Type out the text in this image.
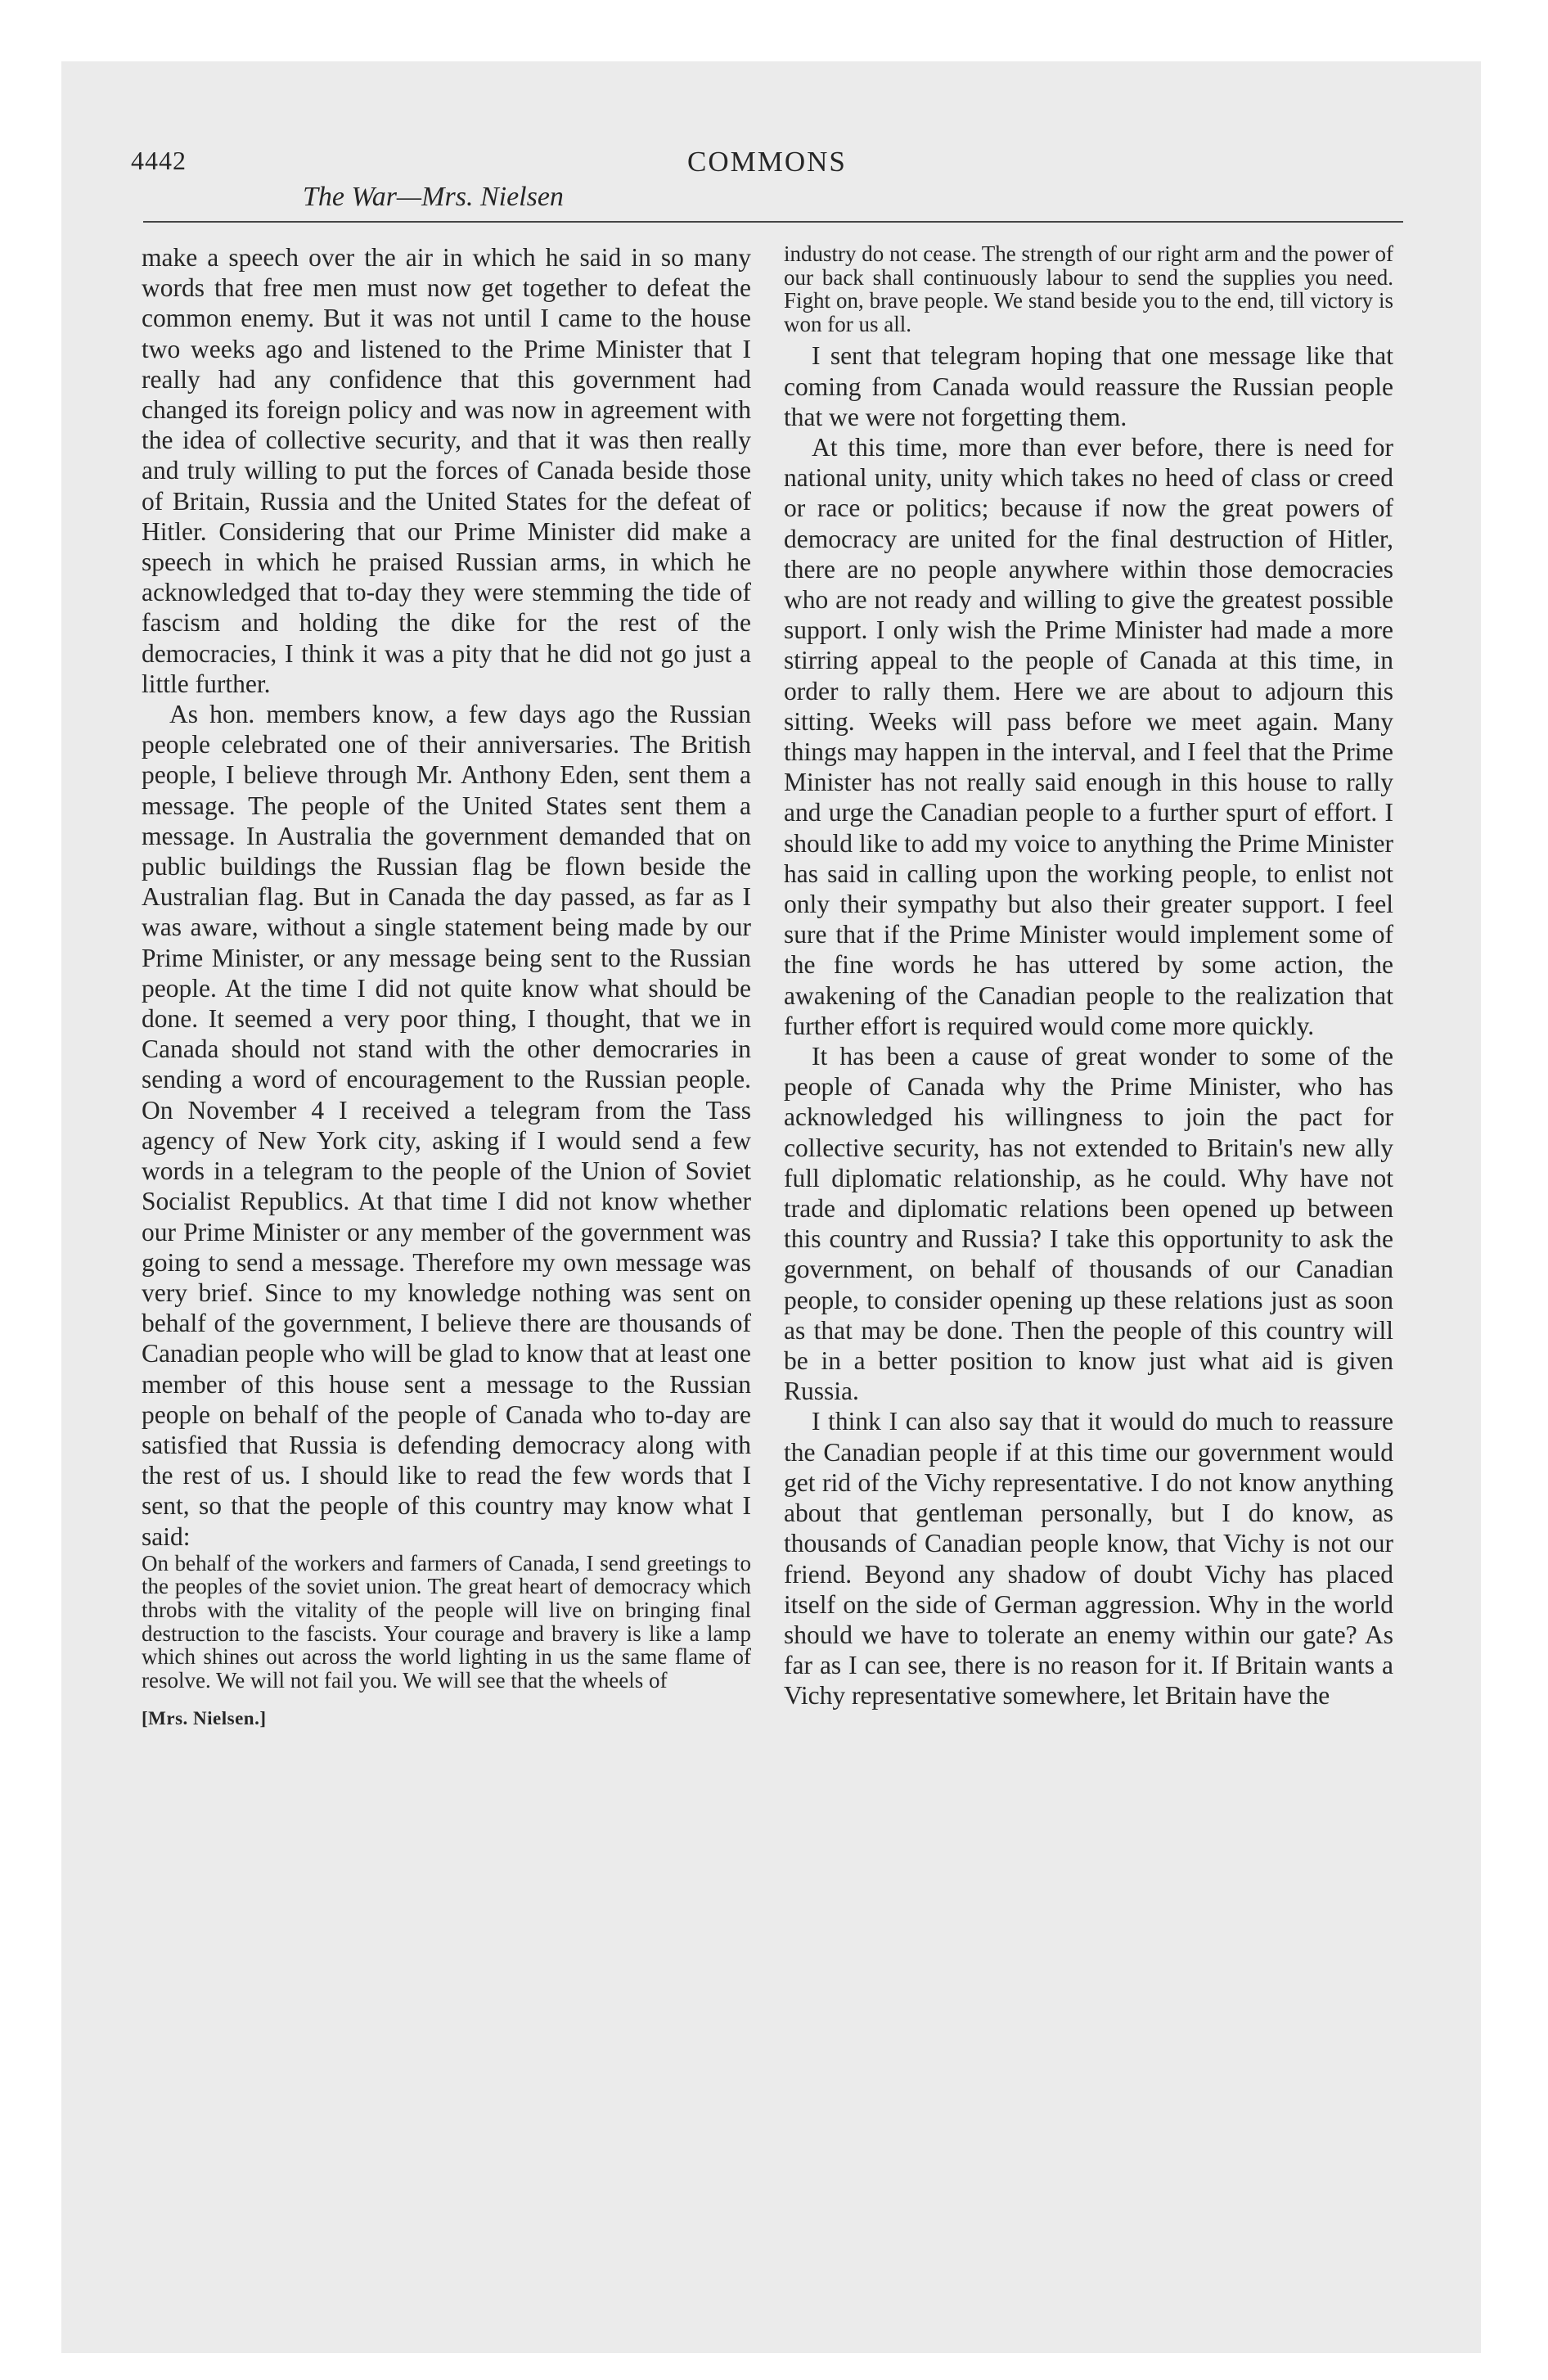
4442
The War—Mrs. Nielsen
COMMONS

make a speech over the air in which he said in so many words that free men must now get together to defeat the common enemy. But it was not until I came to the house two weeks ago and listened to the Prime Minister that I really had any confidence that this government had changed its foreign policy and was now in agreement with the idea of collective security, and that it was then really and truly willing to put the forces of Canada beside those of Britain, Russia and the United States for the defeat of Hitler. Considering that our Prime Minister did make a speech in which he praised Russian arms, in which he acknowledged that to-day they were stemming the tide of fascism and holding the dike for the rest of the democracies, I think it was a pity that he did not go just a little further.

As hon. members know, a few days ago the Russian people celebrated one of their anniversaries. The British people, I believe through Mr. Anthony Eden, sent them a message. The people of the United States sent them a message. In Australia the government demanded that on public buildings the Russian flag be flown beside the Australian flag. But in Canada the day passed, as far as I was aware, without a single statement being made by our Prime Minister, or any message being sent to the Russian people. At the time I did not quite know what should be done. It seemed a very poor thing, I thought, that we in Canada should not stand with the other democraries in sending a word of encouragement to the Russian people. On November 4 I received a telegram from the Tass agency of New York city, asking if I would send a few words in a telegram to the people of the Union of Soviet Socialist Republics. At that time I did not know whether our Prime Minister or any member of the government was going to send a message. Therefore my own message was very brief. Since to my knowledge nothing was sent on behalf of the government, I believe there are thousands of Canadian people who will be glad to know that at least one member of this house sent a message to the Russian people on behalf of the people of Canada who to-day are satisfied that Russia is defending democracy along with the rest of us. I should like to read the few words that I sent, so that the people of this country may know what I said:

On behalf of the workers and farmers of Canada, I send greetings to the peoples of the soviet union. The great heart of democracy which throbs with the vitality of the people will live on bringing final destruction to the fascists. Your courage and bravery is like a lamp which shines out across the world lighting in us the same flame of resolve. We will not fail you. We will see that the wheels of

[Mrs. Nielsen.]

industry do not cease. The strength of our right arm and the power of our back shall continuously labour to send the supplies you need. Fight on, brave people. We stand beside you to the end, till victory is won for us all.

I sent that telegram hoping that one message like that coming from Canada would reassure the Russian people that we were not forgetting them.

At this time, more than ever before, there is need for national unity, unity which takes no heed of class or creed or race or politics; because if now the great powers of democracy are united for the final destruction of Hitler, there are no people anywhere within those democracies who are not ready and willing to give the greatest possible support. I only wish the Prime Minister had made a more stirring appeal to the people of Canada at this time, in order to rally them. Here we are about to adjourn this sitting. Weeks will pass before we meet again. Many things may happen in the interval, and I feel that the Prime Minister has not really said enough in this house to rally and urge the Canadian people to a further spurt of effort. I should like to add my voice to anything the Prime Minister has said in calling upon the working people, to enlist not only their sympathy but also their greater support. I feel sure that if the Prime Minister would implement some of the fine words he has uttered by some action, the awakening of the Canadian people to the realization that further effort is required would come more quickly.

It has been a cause of great wonder to some of the people of Canada why the Prime Minister, who has acknowledged his willingness to join the pact for collective security, has not extended to Britain's new ally full diplomatic relationship, as he could. Why have not trade and diplomatic relations been opened up between this country and Russia? I take this opportunity to ask the government, on behalf of thousands of our Canadian people, to consider opening up these relations just as soon as that may be done. Then the people of this country will be in a better position to know just what aid is given Russia.

I think I can also say that it would do much to reassure the Canadian people if at this time our government would get rid of the Vichy representative. I do not know anything about that gentleman personally, but I do know, as thousands of Canadian people know, that Vichy is not our friend. Beyond any shadow of doubt Vichy has placed itself on the side of German aggression. Why in the world should we have to tolerate an enemy within our gate? As far as I can see, there is no reason for it. If Britain wants a Vichy representative somewhere, let Britain have the
